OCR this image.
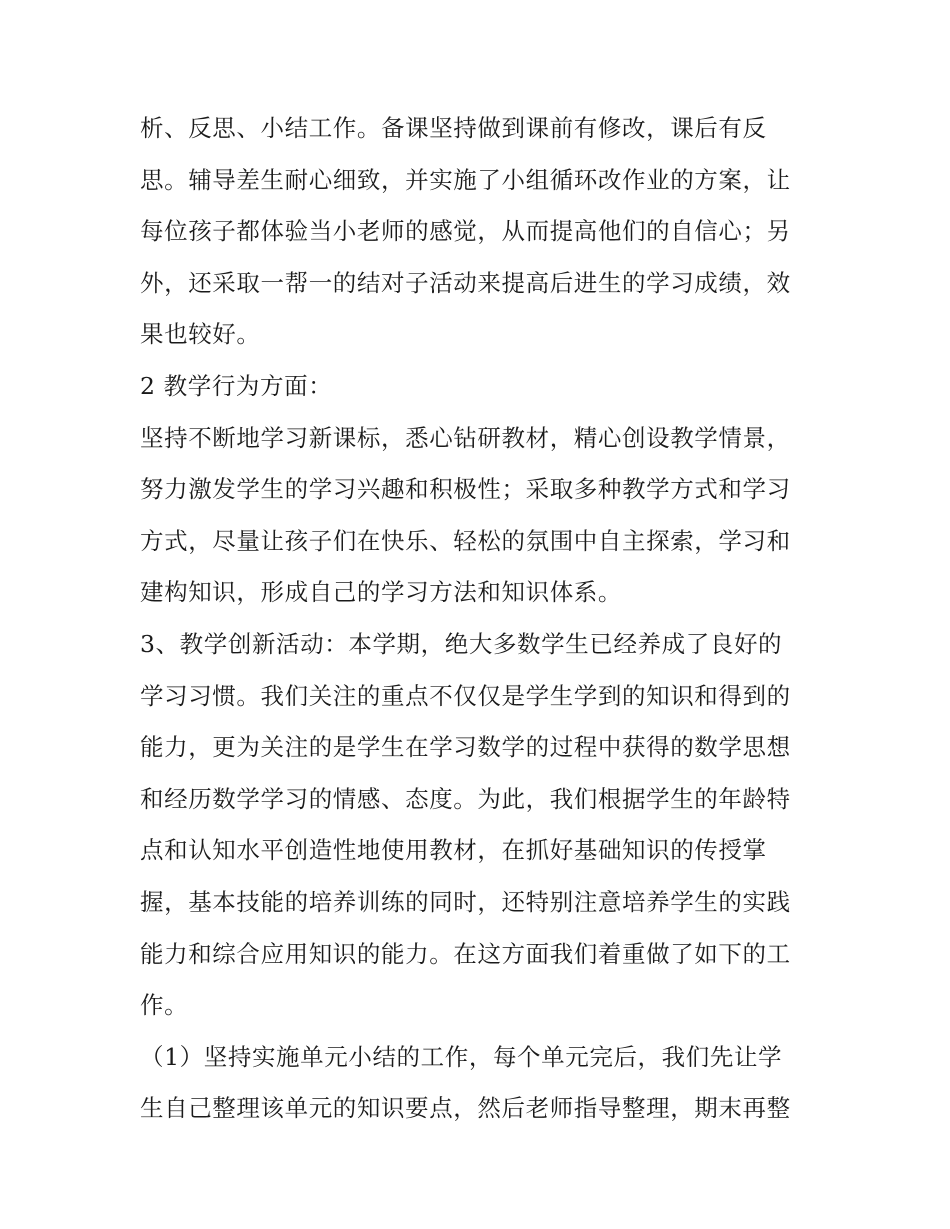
析、反思、小结工作。备课坚持做到课前有修改，课后有反
思。辅导差生耐心细致，并实施了小组循环改作业的方案，让
每位孩子都体验当小老师的感觉，从而提高他们的自信心；另
外，还采取一帮一的结对子活动来提高后进生的学习成绩，效
果也较好。
2 教学行为方面：
坚持不断地学习新课标，悉心钻研教材，精心创设教学情景，
努力激发学生的学习兴趣和积极性；采取多种教学方式和学习
方式，尽量让孩子们在快乐、轻松的氛围中自主探索，学习和
建构知识，形成自己的学习方法和知识体系。
3、教学创新活动：本学期，绝大多数学生已经养成了良好的
学习习惯。我们关注的重点不仅仅是学生学到的知识和得到的
能力，更为关注的是学生在学习数学的过程中获得的数学思想
和经历数学学习的情感、态度。为此，我们根据学生的年龄特
点和认知水平创造性地使用教材，在抓好基础知识的传授掌
握，基本技能的培养训练的同时，还特别注意培养学生的实践
能力和综合应用知识的能力。在这方面我们着重做了如下的工
作。
（1）坚持实施单元小结的工作，每个单元完后，我们先让学
生自己整理该单元的知识要点，然后老师指导整理，期末再整
